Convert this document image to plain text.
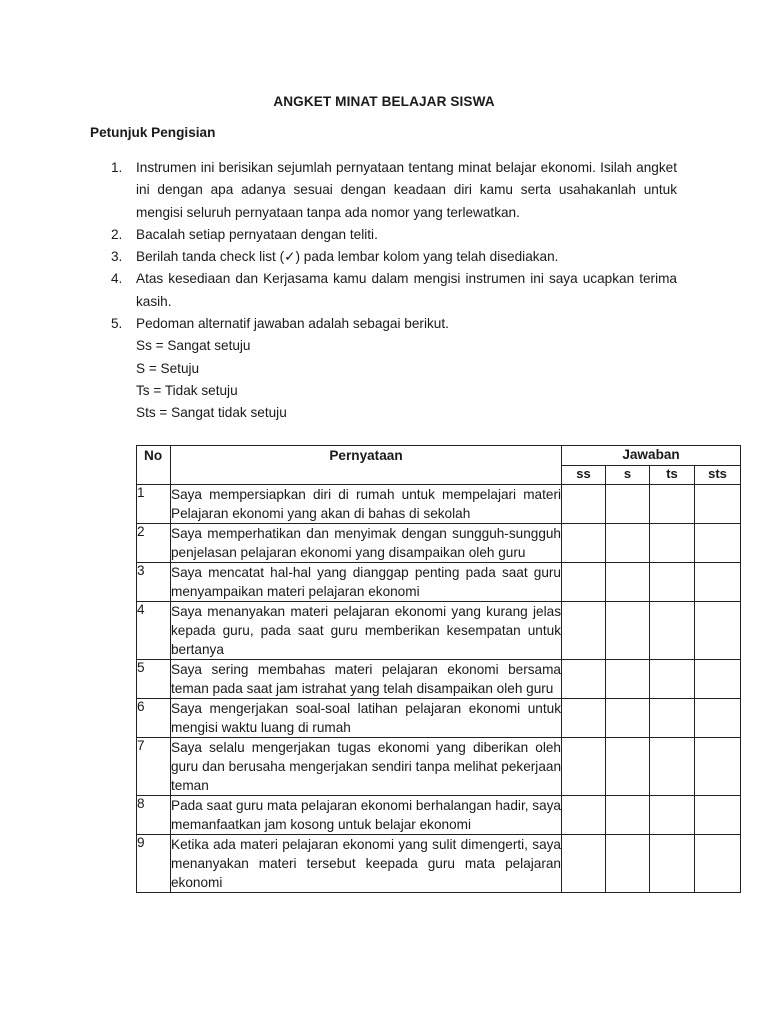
ANGKET MINAT BELAJAR SISWA
Petunjuk Pengisian
1.	Instrumen ini berisikan sejumlah pernyataan tentang minat belajar ekonomi. Isilah angket ini dengan apa adanya sesuai dengan keadaan diri kamu serta usahakanlah untuk mengisi seluruh pernyataan tanpa ada nomor yang terlewatkan.
2.	Bacalah setiap pernyataan dengan teliti.
3.	Berilah tanda check list (✓) pada lembar kolom yang telah disediakan.
4.	Atas kesediaan dan Kerjasama kamu dalam mengisi instrumen ini saya ucapkan terima kasih.
5.	Pedoman alternatif jawaban adalah sebagai berikut.
Ss = Sangat setuju
S = Setuju
Ts = Tidak setuju
Sts = Sangat tidak setuju
No	Pernyataan	Jawaban			
		ss	s	ts	sts
1	Saya mempersiapkan diri di rumah untuk mempelajari materi Pelajaran ekonomi yang akan di bahas di sekolah				
2	Saya memperhatikan dan menyimak dengan sungguh-sungguh penjelasan pelajaran ekonomi yang disampaikan oleh guru				
3	Saya mencatat hal-hal yang dianggap penting pada saat guru menyampaikan materi pelajaran ekonomi				
4	Saya menanyakan materi pelajaran ekonomi yang kurang jelas kepada guru, pada saat guru memberikan kesempatan untuk bertanya				
5	Saya sering membahas materi pelajaran ekonomi bersama teman pada saat jam istrahat yang telah disampaikan oleh guru				
6	Saya mengerjakan soal-soal latihan pelajaran ekonomi untuk mengisi waktu luang di rumah				
7	Saya selalu mengerjakan tugas ekonomi yang diberikan oleh guru dan berusaha mengerjakan sendiri tanpa melihat pekerjaan teman				
8	Pada saat guru mata pelajaran ekonomi berhalangan hadir, saya memanfaatkan jam kosong untuk belajar ekonomi				
9	Ketika ada materi pelajaran ekonomi yang sulit dimengerti, saya menanyakan materi tersebut keepada guru mata pelajaran ekonomi				
